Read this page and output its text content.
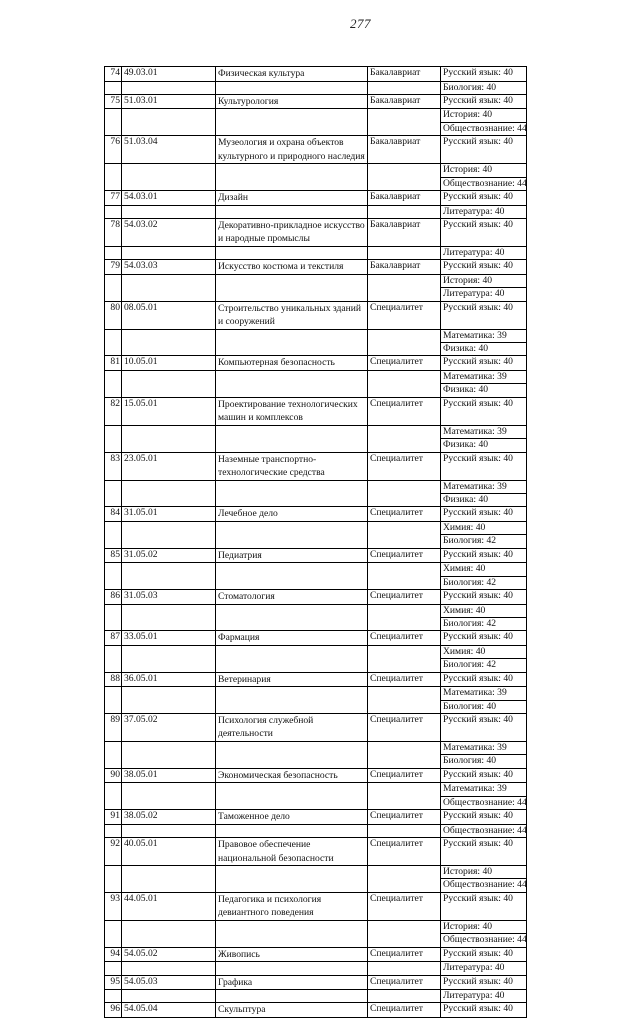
277
74	49.03.01	Физическая культура	Бакалавриат	Русский язык: 40
				Биология: 40
75	51.03.01	Культурология	Бакалавриат	Русский язык: 40
				История: 40
				Обществознание: 44
76	51.03.04	Музеология и охрана объектов культурного и природного наследия	Бакалавриат	Русский язык: 40
				История: 40
				Обществознание: 44
77	54.03.01	Дизайн	Бакалавриат	Русский язык: 40
				Литература: 40
78	54.03.02	Декоративно-прикладное искусство и народные промыслы	Бакалавриат	Русский язык: 40
				Литература: 40
79	54.03.03	Искусство костюма и текстиля	Бакалавриат	Русский язык: 40
				История: 40
				Литература: 40
80	08.05.01	Строительство уникальных зданий и сооружений	Специалитет	Русский язык: 40
				Математика: 39
				Физика: 40
81	10.05.01	Компьютерная безопасность	Специалитет	Русский язык: 40
				Математика: 39
				Физика: 40
82	15.05.01	Проектирование технологических машин и комплексов	Специалитет	Русский язык: 40
				Математика: 39
				Физика: 40
83	23.05.01	Наземные транспортно-технологические средства	Специалитет	Русский язык: 40
				Математика: 39
				Физика: 40
84	31.05.01	Лечебное дело	Специалитет	Русский язык: 40
				Химия: 40
				Биология: 42
85	31.05.02	Педиатрия	Специалитет	Русский язык: 40
				Химия: 40
				Биология: 42
86	31.05.03	Стоматология	Специалитет	Русский язык: 40
				Химия: 40
				Биология: 42
87	33.05.01	Фармация	Специалитет	Русский язык: 40
				Химия: 40
				Биология: 42
88	36.05.01	Ветеринария	Специалитет	Русский язык: 40
				Математика: 39
				Биология: 40
89	37.05.02	Психология служебной деятельности	Специалитет	Русский язык: 40
				Математика: 39
				Биология: 40
90	38.05.01	Экономическая безопасность	Специалитет	Русский язык: 40
				Математика: 39
				Обществознание: 44
91	38.05.02	Таможенное дело	Специалитет	Русский язык: 40
				Обществознание: 44
92	40.05.01	Правовое обеспечение национальной безопасности	Специалитет	Русский язык: 40
				История: 40
				Обществознание: 44
93	44.05.01	Педагогика и психология девиантного поведения	Специалитет	Русский язык: 40
				История: 40
				Обществознание: 44
94	54.05.02	Живопись	Специалитет	Русский язык: 40
				Литература: 40
95	54.05.03	Графика	Специалитет	Русский язык: 40
				Литература: 40
96	54.05.04	Скульптура	Специалитет	Русский язык: 40
